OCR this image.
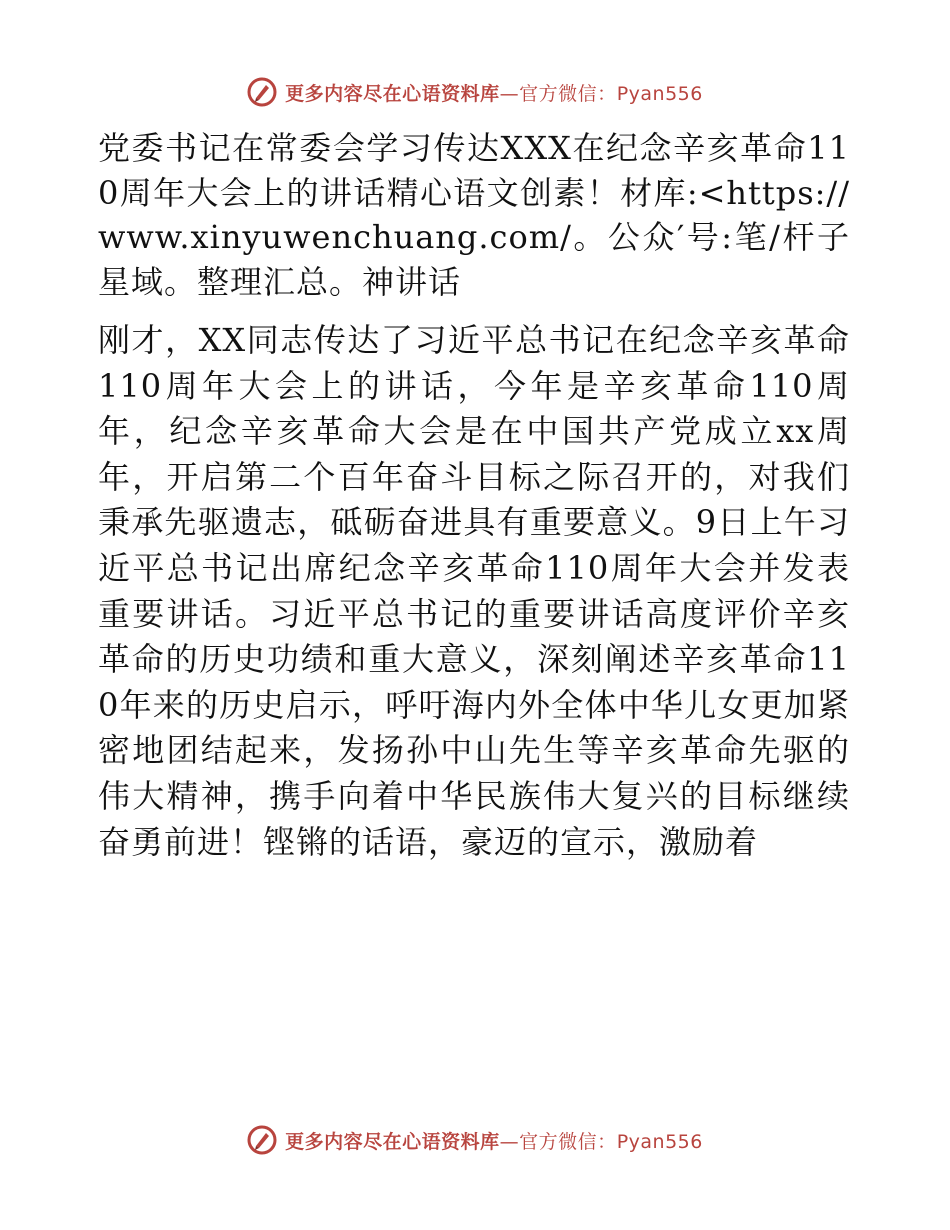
更多内容尽在心语资料库—官方微信：Pyan556

党委书记在常委会学习传达XXX在纪念辛亥革命110周年大会上的讲话精心语文创素！材库:<https://www.xinyuwenchuang.com/。公众′号:笔/杆子星域。整理汇总。神讲话

刚才，XX同志传达了习近平总书记在纪念辛亥革命110周年大会上的讲话，今年是辛亥革命110周年，纪念辛亥革命大会是在中国共产党成立xx周年，开启第二个百年奋斗目标之际召开的，对我们秉承先驱遗志，砥砺奋进具有重要意义。9日上午习近平总书记出席纪念辛亥革命110周年大会并发表重要讲话。习近平总书记的重要讲话高度评价辛亥革命的历史功绩和重大意义，深刻阐述辛亥革命110年来的历史启示，呼吁海内外全体中华儿女更加紧密地团结起来，发扬孙中山先生等辛亥革命先驱的伟大精神，携手向着中华民族伟大复兴的目标继续奋勇前进！铿锵的话语，豪迈的宣示，激励着

更多内容尽在心语资料库—官方微信：Pyan556
